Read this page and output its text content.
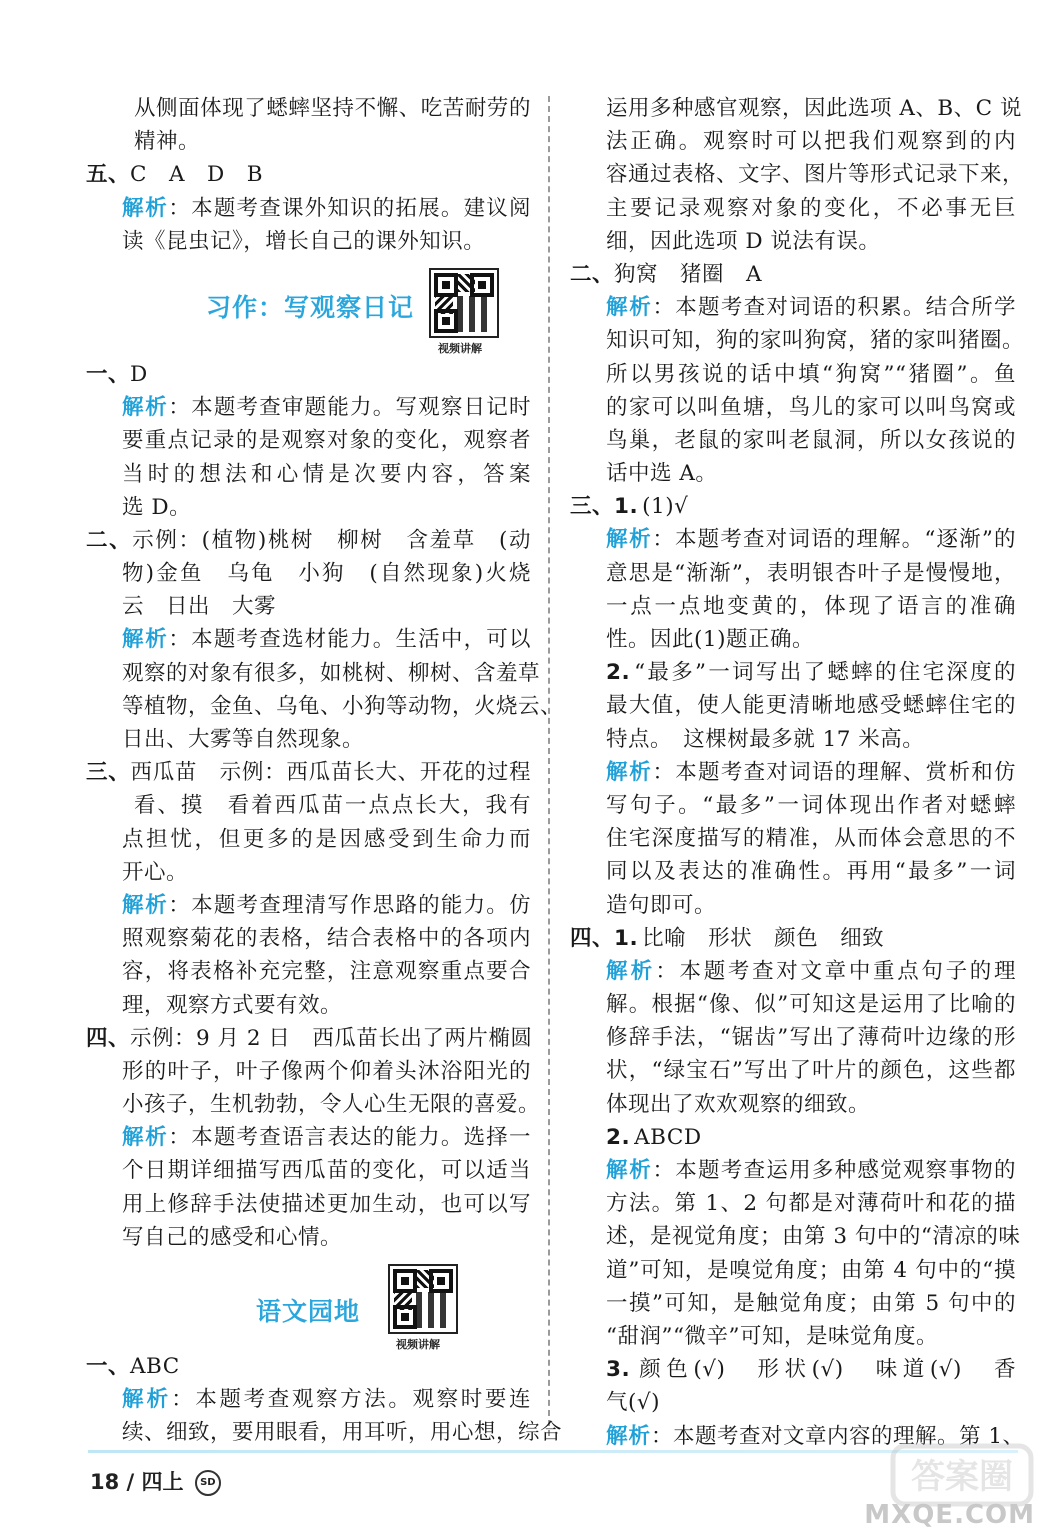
从侧面体现了蟋蟀坚持不懈、吃苦耐劳的
精神。
五、C　A　D　B
解析：本题考查课外知识的拓展。建议阅
读《昆虫记》，增长自己的课外知识。
习作：写观察日记
视频讲解
一、D
解析：本题考查审题能力。写观察日记时
要重点记录的是观察对象的变化，观察者
当时的想法和心情是次要内容，答案
选 D。
二、示例：(植物)桃树　柳树　含羞草　(动
物)金鱼　乌龟　小狗　(自然现象)火烧
云　日出　大雾
解析：本题考查选材能力。生活中，可以
观察的对象有很多，如桃树、柳树、含羞草
等植物，金鱼、乌龟、小狗等动物，火烧云、
日出、大雾等自然现象。
三、西瓜苗　示例：西瓜苗长大、开花的过程
看、摸　看着西瓜苗一点点长大，我有
点担忧，但更多的是因感受到生命力而
开心。
解析：本题考查理清写作思路的能力。仿
照观察菊花的表格，结合表格中的各项内
容，将表格补充完整，注意观察重点要合
理，观察方式要有效。
四、示例：9 月 2 日　西瓜苗长出了两片椭圆
形的叶子，叶子像两个仰着头沐浴阳光的
小孩子，生机勃勃，令人心生无限的喜爱。
解析：本题考查语言表达的能力。选择一
个日期详细描写西瓜苗的变化，可以适当
用上修辞手法使描述更加生动，也可以写
写自己的感受和心情。
语文园地
视频讲解
一、ABC
解析：本题考查观察方法。观察时要连
续、细致，要用眼看，用耳听，用心想，综合
运用多种感官观察，因此选项 A、B、C 说
法正确。观察时可以把我们观察到的内
容通过表格、文字、图片等形式记录下来，
主要记录观察对象的变化，不必事无巨
细，因此选项 D 说法有误。
二、狗窝　猪圈　A
解析：本题考查对词语的积累。结合所学
知识可知，狗的家叫狗窝，猪的家叫猪圈。
所以男孩说的话中填“狗窝”“猪圈”。鱼
的家可以叫鱼塘，鸟儿的家可以叫鸟窝或
鸟巢，老鼠的家叫老鼠洞，所以女孩说的
话中选 A。
三、1. (1)√
解析：本题考查对词语的理解。“逐渐”的
意思是“渐渐”，表明银杏叶子是慢慢地，
一点一点地变黄的，体现了语言的准确
性。因此(1)题正确。
2. “最多”一词写出了蟋蟀的住宅深度的
最大值，使人能更清晰地感受蟋蟀住宅的
特点。　这棵树最多就 17 米高。
解析：本题考查对词语的理解、赏析和仿
写句子。“最多”一词体现出作者对蟋蟀
住宅深度描写的精准，从而体会意思的不
同以及表达的准确性。再用“最多”一词
造句即可。
四、1. 比喻　形状　颜色　细致
解析：本题考查对文章中重点句子的理
解。根据“像、似”可知这是运用了比喻的
修辞手法，“锯齿”写出了薄荷叶边缘的形
状，“绿宝石”写出了叶片的颜色，这些都
体现出了欢欢观察的细致。
2. ABCD
解析：本题考查运用多种感觉观察事物的
方法。第 1、2 句都是对薄荷叶和花的描
述，是视觉角度；由第 3 句中的“清凉的味
道”可知，是嗅觉角度；由第 4 句中的“摸
一摸”可知，是触觉角度；由第 5 句中的
“甜润”“微辛”可知，是味觉角度。
3. 颜色(√)　形状(√)　味道(√)　香
气(√)
解析：本题考查对文章内容的理解。第 1、
18 / 四上 SD	答案圈
MXQE.COM
